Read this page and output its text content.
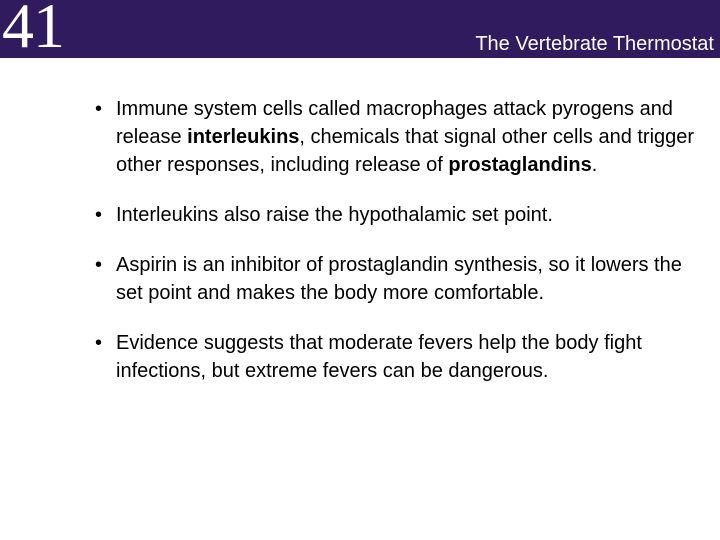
41	The Vertebrate Thermostat
• Immune system cells called macrophages attack pyrogens and release interleukins, chemicals that signal other cells and trigger other responses, including release of prostaglandins.
• Interleukins also raise the hypothalamic set point.
• Aspirin is an inhibitor of prostaglandin synthesis, so it lowers the set point and makes the body more comfortable.
• Evidence suggests that moderate fevers help the body fight infections, but extreme fevers can be dangerous.
